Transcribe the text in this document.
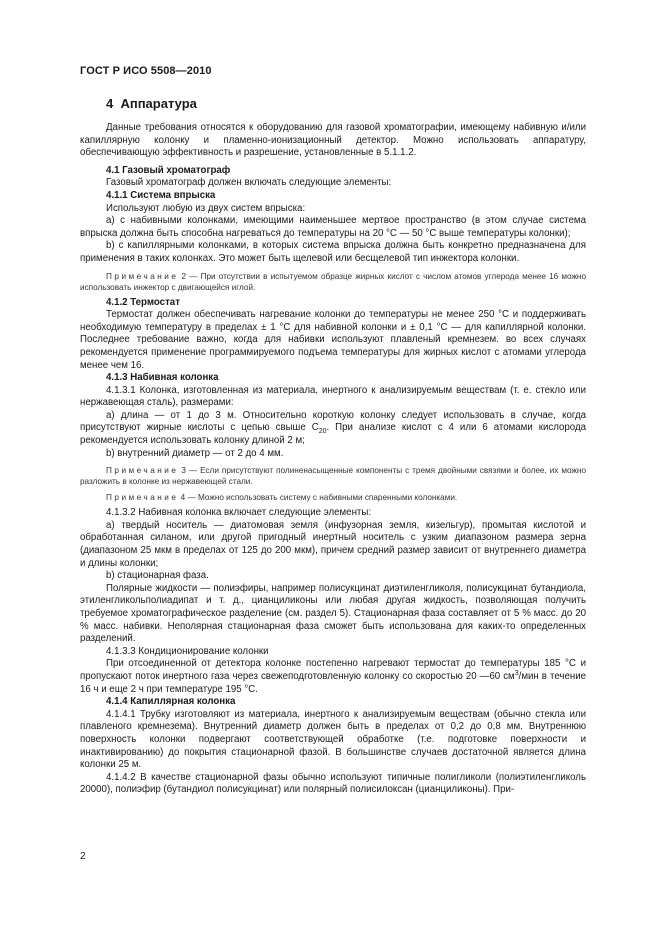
ГОСТ Р ИСО 5508—2010
4 Аппаратура

Данные требования относятся к оборудованию для газовой хроматографии, имеющему набивную и/или капиллярную колонку и пламенно-ионизационный детектор. Можно использовать аппаратуру, обеспечивающую эффективность и разрешение, установленные в 5.1.1.2.

4.1 Газовый хроматограф

Газовый хроматограф должен включать следующие элементы:

4.1.1 Система впрыска

Используют любую из двух систем впрыска:

а) с набивными колонками, имеющими наименьшее мертвое пространство (в этом случае система впрыска должна быть способна нагреваться до температуры на 20 °С — 50 °С выше температуры колонки);

b) с капиллярными колонками, в которых система впрыска должна быть конкретно предназначена для применения в таких колонках. Это может быть щелевой или бесщелевой тип инжектора колонки.

Примечание 2 — При отсутствии в испытуемом образце жирных кислот с числом атомов углерода менее 16 можно использовать инжектор с двигающейся иглой.

4.1.2 Термостат

Термостат должен обеспечивать нагревание колонки до температуры не менее 250 °С и поддерживать необходимую температуру в пределах ± 1 °С для набивной колонки и ± 0,1 °С — для капиллярной колонки. Последнее требование важно, когда для набивки используют плавленый кремнезем. во всех случаях рекомендуется применение программируемого подъема температуры для жирных кислот с атомами углерода менее чем 16.

4.1.3 Набивная колонка

4.1.3.1 Колонка, изготовленная из материала, инертного к анализируемым веществам (т. е. стекло или нержавеющая сталь), размерами:

а) длина — от 1 до 3 м. Относительно короткую колонку следует использовать в случае, когда присутствуют жирные кислоты с цепью свыше $С_{20}$. При анализе кислот с 4 или 6 атомами кислорода рекомендуется использовать колонку длиной 2 м;

b) внутренний диаметр — от 2 до 4 мм.

Примечание 3 — Если присутствуют полиненасыщенные компоненты с тремя двойными связями и более, их можно разложить в колонке из нержавеющей стали.

Примечание 4 — Можно использовать систему с набивными спаренными колонками.

4.1.3.2 Набивная колонка включает следующие элементы:

а) твердый носитель — диатомовая земля (инфузорная земля, кизельгур), промытая кислотой и обработанная силаном, или другой пригодный инертный носитель с узким диапазоном размера зерна (диапазоном 25 мкм в пределах от 125 до 200 мкм), причем средний размер зависит от внутреннего диаметра и длины колонки;

b) стационарная фаза.

Полярные жидкости — полиэфиры, например полисукцинат диэтиленгликоля, полисукцинат бутандиола, этиленгликольполиадипат и т. д., цианциликоны или любая другая жидкость, позволяющая получить требуемое хроматографическое разделение (см. раздел 5). Стационарная фаза составляет от 5 % масс. до 20 % масс. набивки. Неполярная стационарная фаза сможет быть использована для каких-то определенных разделений.

4.1.3.3 Кондиционирование колонки

При отсоединенной от детектора колонке постепенно нагревают термостат до температуры 185 °С и пропускают поток инертного газа через свежеподготовленную колонку со скоростью 20 —60 $см^3$/мин в течение 16 ч и еще 2 ч при температуре 195 °С.

4.1.4 Капиллярная колонка

4.1.4.1 Трубку изготовляют из материала, инертного к анализируемым веществам (обычно стекла или плавленого кремнезема). Внутренний диаметр должен быть в пределах от 0,2 до 0,8 мм. Внутреннюю поверхность колонки подвергают соответствующей обработке (т.е. подготовке поверхности и инактивированию) до покрытия стационарной фазой. В большинстве случаев достаточной является длина колонки 25 м.

4.1.4.2 В качестве стационарной фазы обычно используют типичные полигликоли (полиэтиленгликоль 20000), полиэфир (бутандиол полисукцинат) или полярный полисилоксан (цианциликоны). При-

2
